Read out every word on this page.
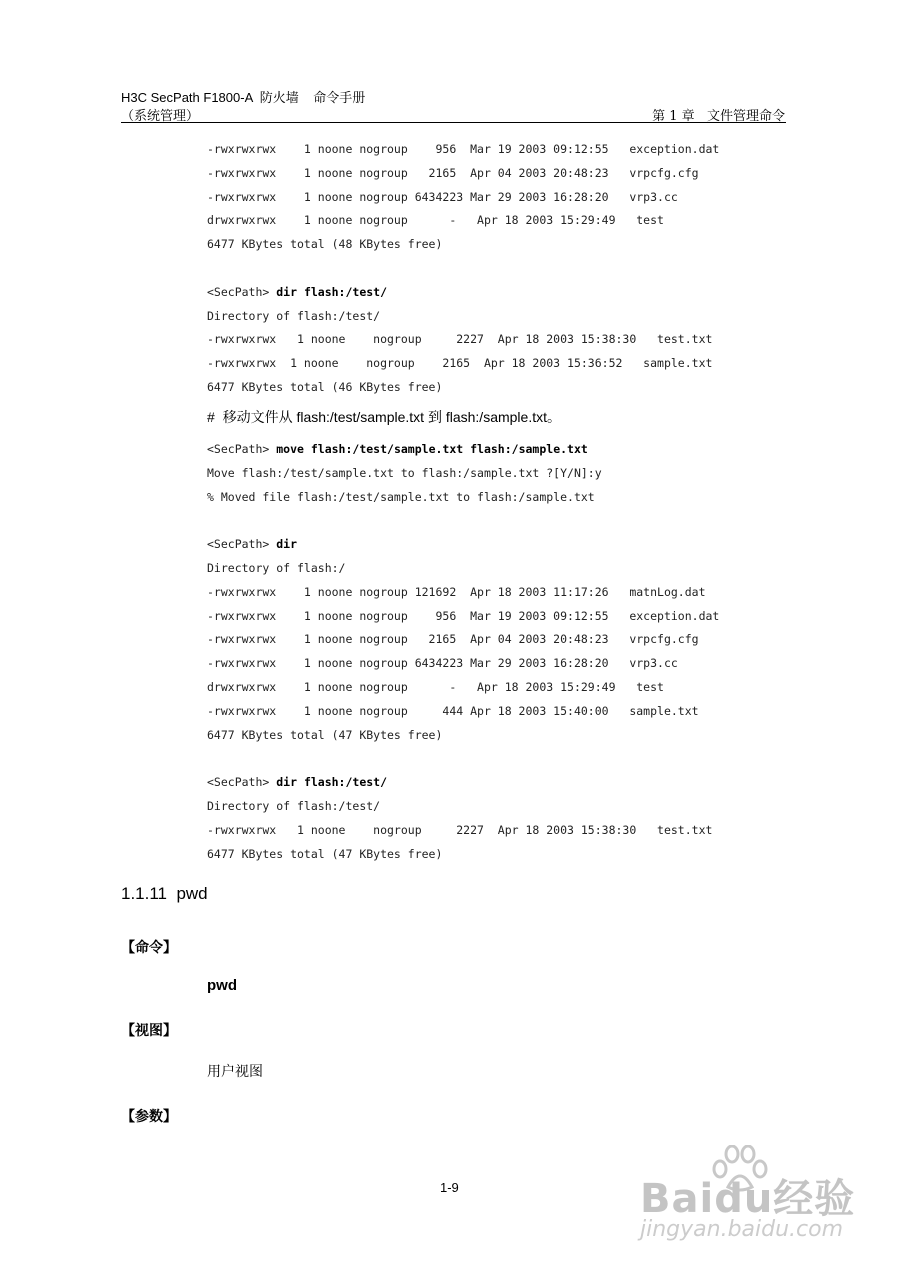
H3C SecPath F1800-A  防火墙    命令手册
（系统管理）	第 1 章   文件管理命令
-rwxrwxrwx    1 noone nogroup    956  Mar 19 2003 09:12:55   exception.dat
-rwxrwxrwx    1 noone nogroup   2165  Apr 04 2003 20:48:23   vrpcfg.cfg
-rwxrwxrwx    1 noone nogroup 6434223 Mar 29 2003 16:28:20   vrp3.cc
drwxrwxrwx    1 noone nogroup      -   Apr 18 2003 15:29:49   test
6477 KBytes total (48 KBytes free)
<SecPath> dir flash:/test/
Directory of flash:/test/
-rwxrwxrwx   1 noone    nogroup     2227  Apr 18 2003 15:38:30   test.txt
-rwxrwxrwx  1 noone    nogroup    2165  Apr 18 2003 15:36:52   sample.txt
6477 KBytes total (46 KBytes free)
#  移动文件从 flash:/test/sample.txt 到 flash:/sample.txt。
<SecPath> move flash:/test/sample.txt flash:/sample.txt
Move flash:/test/sample.txt to flash:/sample.txt ?[Y/N]:y
% Moved file flash:/test/sample.txt to flash:/sample.txt
<SecPath> dir
Directory of flash:/
-rwxrwxrwx    1 noone nogroup 121692  Apr 18 2003 11:17:26   matnLog.dat
-rwxrwxrwx    1 noone nogroup    956  Mar 19 2003 09:12:55   exception.dat
-rwxrwxrwx    1 noone nogroup   2165  Apr 04 2003 20:48:23   vrpcfg.cfg
-rwxrwxrwx    1 noone nogroup 6434223 Mar 29 2003 16:28:20   vrp3.cc
drwxrwxrwx    1 noone nogroup      -   Apr 18 2003 15:29:49   test
-rwxrwxrwx    1 noone nogroup     444 Apr 18 2003 15:40:00   sample.txt
6477 KBytes total (47 KBytes free)
<SecPath> dir flash:/test/
Directory of flash:/test/
-rwxrwxrwx   1 noone    nogroup     2227  Apr 18 2003 15:38:30   test.txt
6477 KBytes total (47 KBytes free)
1.1.11  pwd
【命令】
pwd
【视图】
用户视图
【参数】
1-9	Baidu经验
jingyan.baidu.com
